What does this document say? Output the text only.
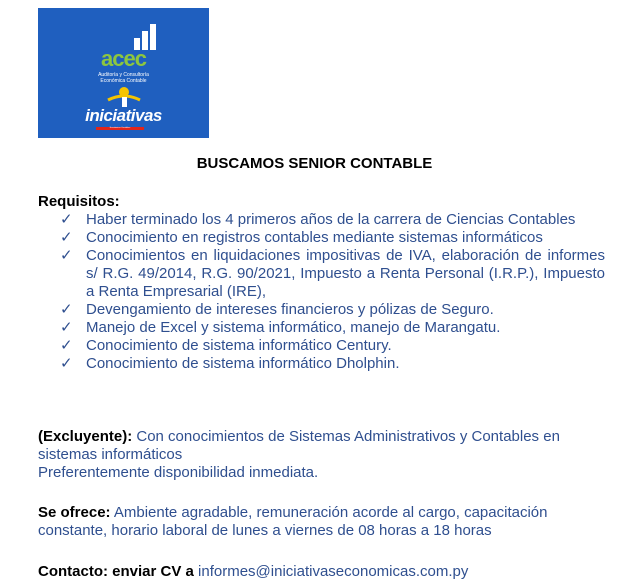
acec
Auditoría y Consultoría
Económica Contable
iniciativas
Económicas Contables
BUSCAMOS SENIOR CONTABLE
Requisitos:
✓ Haber terminado los 4 primeros años de la carrera de Ciencias Contables
✓ Conocimiento en registros contables mediante sistemas informáticos
✓ Conocimientos en liquidaciones impositivas de IVA, elaboración de informes s/ R.G. 49/2014, R.G. 90/2021, Impuesto a Renta Personal (I.R.P.), Impuesto a Renta Empresarial (IRE),
✓ Devengamiento de intereses financieros y pólizas de Seguro.
✓ Manejo de Excel y sistema informático, manejo de Marangatu.
✓ Conocimiento de sistema informático Century.
✓ Conocimiento de sistema informático Dholphin.
(Excluyente): Con conocimientos de Sistemas Administrativos y Contables en sistemas informáticos
Preferentemente disponibilidad inmediata.
Se ofrece: Ambiente agradable, remuneración acorde al cargo, capacitación constante, horario laboral de lunes a viernes de 08 horas a 18 horas
Contacto: enviar CV a informes@iniciativaseconomicas.com.py
